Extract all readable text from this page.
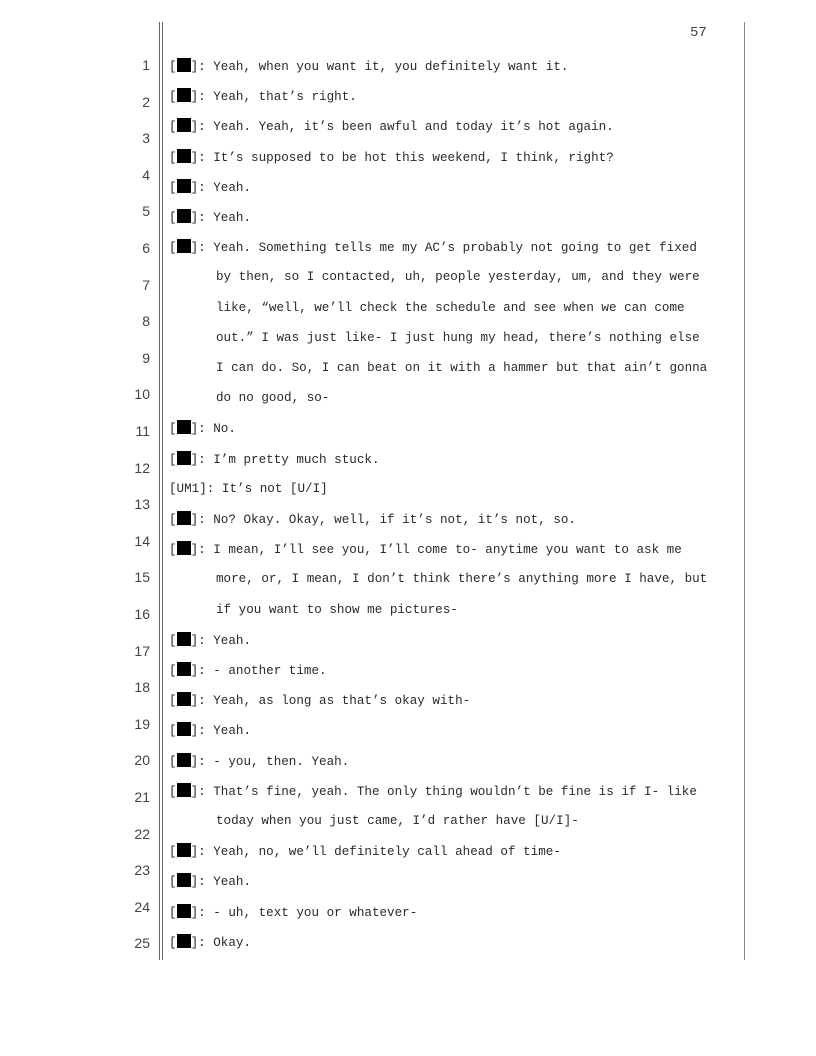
57
1
2
3
4
5
6
7
8
9
10
11
12
13
14
15
16
17
18
19
20
21
22
23
24
25
[ ]: Yeah, when you want it, you definitely want it.
[ ]: Yeah, that’s right.
[ ]: Yeah. Yeah, it’s been awful and today it’s hot again.
[ ]: It’s supposed to be hot this weekend, I think, right?
[ ]: Yeah.
[ ]: Yeah.
[ ]: Yeah. Something tells me my AC’s probably not going to get fixed
by then, so I contacted, uh, people yesterday, um, and they were
like, “well, we’ll check the schedule and see when we can come
out.” I was just like- I just hung my head, there’s nothing else
I can do. So, I can beat on it with a hammer but that ain’t gonna
do no good, so-
[ ]: No.
[ ]: I’m pretty much stuck.
[UM1]: It’s not [U/I]
[ ]: No? Okay. Okay, well, if it’s not, it’s not, so.
[ ]: I mean, I’ll see you, I’ll come to- anytime you want to ask me
more, or, I mean, I don’t think there’s anything more I have, but
if you want to show me pictures-
[ ]: Yeah.
[ ]: - another time.
[ ]: Yeah, as long as that’s okay with-
[ ]: Yeah.
[ ]: - you, then. Yeah.
[ ]: That’s fine, yeah. The only thing wouldn’t be fine is if I- like
today when you just came, I’d rather have [U/I]-
[ ]: Yeah, no, we’ll definitely call ahead of time-
[ ]: Yeah.
[ ]: - uh, text you or whatever-
[ ]: Okay.
